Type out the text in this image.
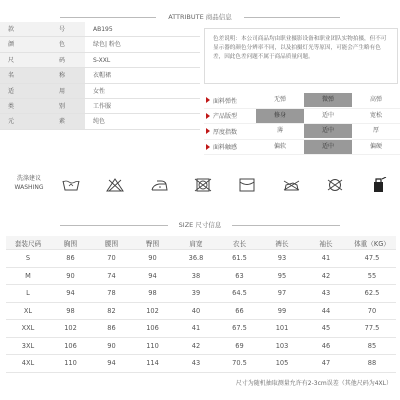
ATTRIBUTE 商品信息
款	号	AB195
颜	色	绿色| 粉色
尺	码	S-XXL
名	称	衣帽裙
适	用	女性
类	别	工作服
元	素	纯色
色差说明：本公司商品均由职业摄影设备和职业团队实物拍摄，但不可显示器的颜色分辨率不同，以及拍摄灯光等原因，可能会产生略有色差，因此色差问题不属于商品质量问题。
面料弹性	无弹	微弹	高弹
产品版型	修身	适中	宽松
厚度指数	薄	适中	厚
面料触感	偏软	适中	偏硬
洗涤建议
WASHING
SIZE 尺寸信息
套装尺码	胸围	腰围	臀围	肩宽	衣长	裤长	袖长	体重（KG）
S	86	70	90	36.8	61.5	93	41	47.5
M	90	74	94	38	63	95	42	55
L	94	78	98	39	64.5	97	43	62.5
XL	98	82	102	40	66	99	44	70
XXL	102	86	106	41	67.5	101	45	77.5
3XL	106	90	110	42	69	103	46	85
4XL	110	94	114	43	70.5	105	47	88
尺寸为随机抽取测量允许有2-3cm误差（其他尺码为4XL）
